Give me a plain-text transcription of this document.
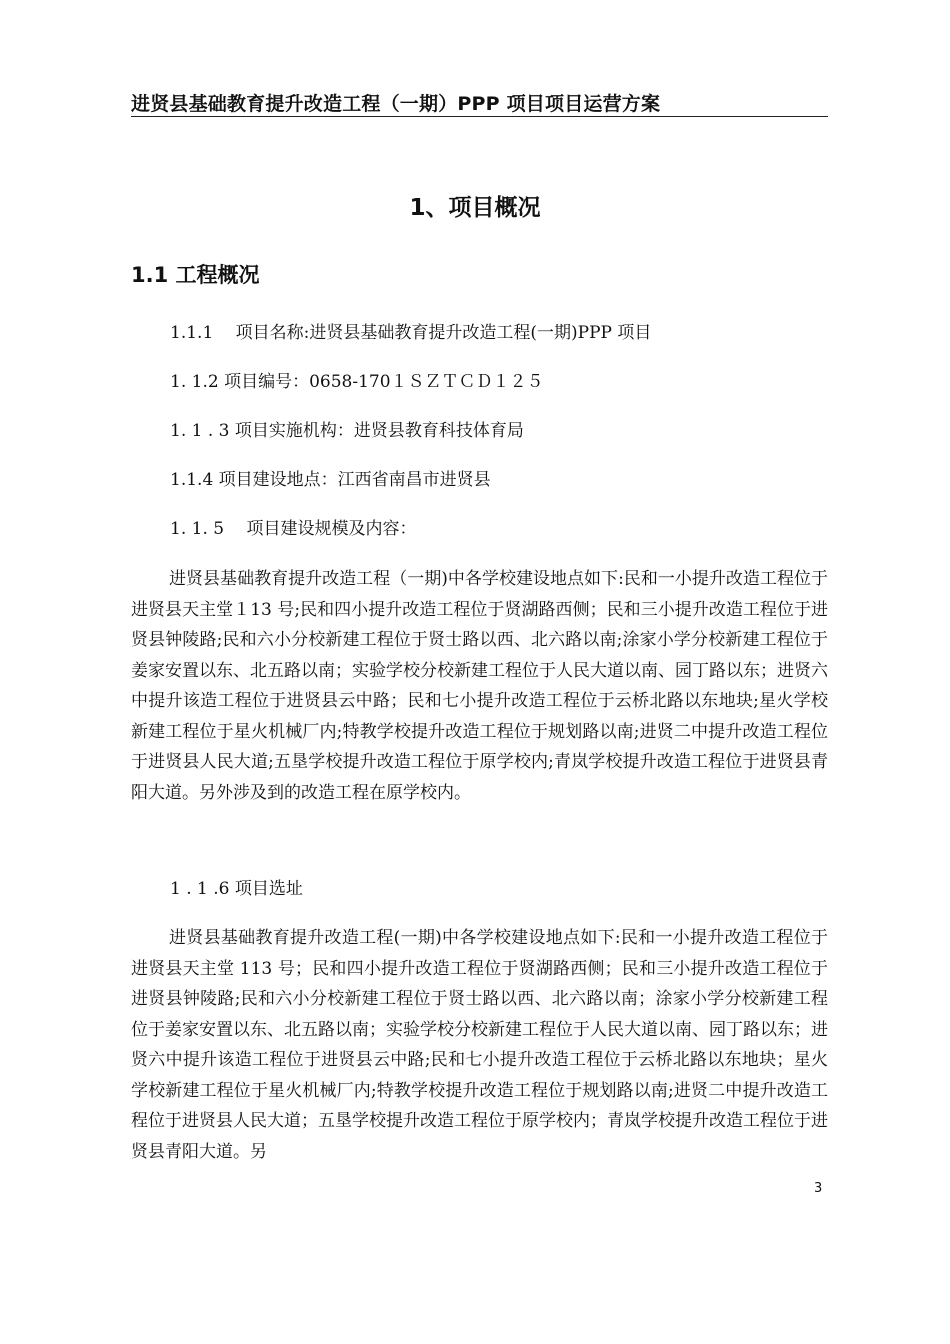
进贤县基础教育提升改造工程（一期）PPP 项目项目运营方案
1、项目概况
1.1 工程概况
1.1.1　 项目名称:进贤县基础教育提升改造工程(一期)PPP 项目
1. 1.2 项目编号：0658-170１ＳＺＴＣＤ１２５
1. 1 . 3 项目实施机构：进贤县教育科技体育局
1.1.4 项目建设地点：江西省南昌市进贤县
1. 1. 5　 项目建设规模及内容：
进贤县基础教育提升改造工程（一期)中各学校建设地点如下:民和一小提升改造工程位于进贤县天主堂１13 号;民和四小提升改造工程位于贤湖路西侧；民和三小提升改造工程位于进贤县钟陵路;民和六小分校新建工程位于贤士路以西、北六路以南;涂家小学分校新建工程位于姜家安置以东、北五路以南；实验学校分校新建工程位于人民大道以南、园丁路以东；进贤六中提升该造工程位于进贤县云中路；民和七小提升改造工程位于云桥北路以东地块;星火学校新建工程位于星火机械厂内;特教学校提升改造工程位于规划路以南;进贤二中提升改造工程位于进贤县人民大道;五垦学校提升改造工程位于原学校内;青岚学校提升改造工程位于进贤县青阳大道。另外涉及到的改造工程在原学校内。
1 . 1 .6 项目选址
进贤县基础教育提升改造工程(一期)中各学校建设地点如下:民和一小提升改造工程位于进贤县天主堂 113 号；民和四小提升改造工程位于贤湖路西侧；民和三小提升改造工程位于进贤县钟陵路;民和六小分校新建工程位于贤士路以西、北六路以南；涂家小学分校新建工程位于姜家安置以东、北五路以南；实验学校分校新建工程位于人民大道以南、园丁路以东；进贤六中提升该造工程位于进贤县云中路;民和七小提升改造工程位于云桥北路以东地块；星火学校新建工程位于星火机械厂内;特教学校提升改造工程位于规划路以南;进贤二中提升改造工程位于进贤县人民大道；五垦学校提升改造工程位于原学校内；青岚学校提升改造工程位于进贤县青阳大道。另
3
